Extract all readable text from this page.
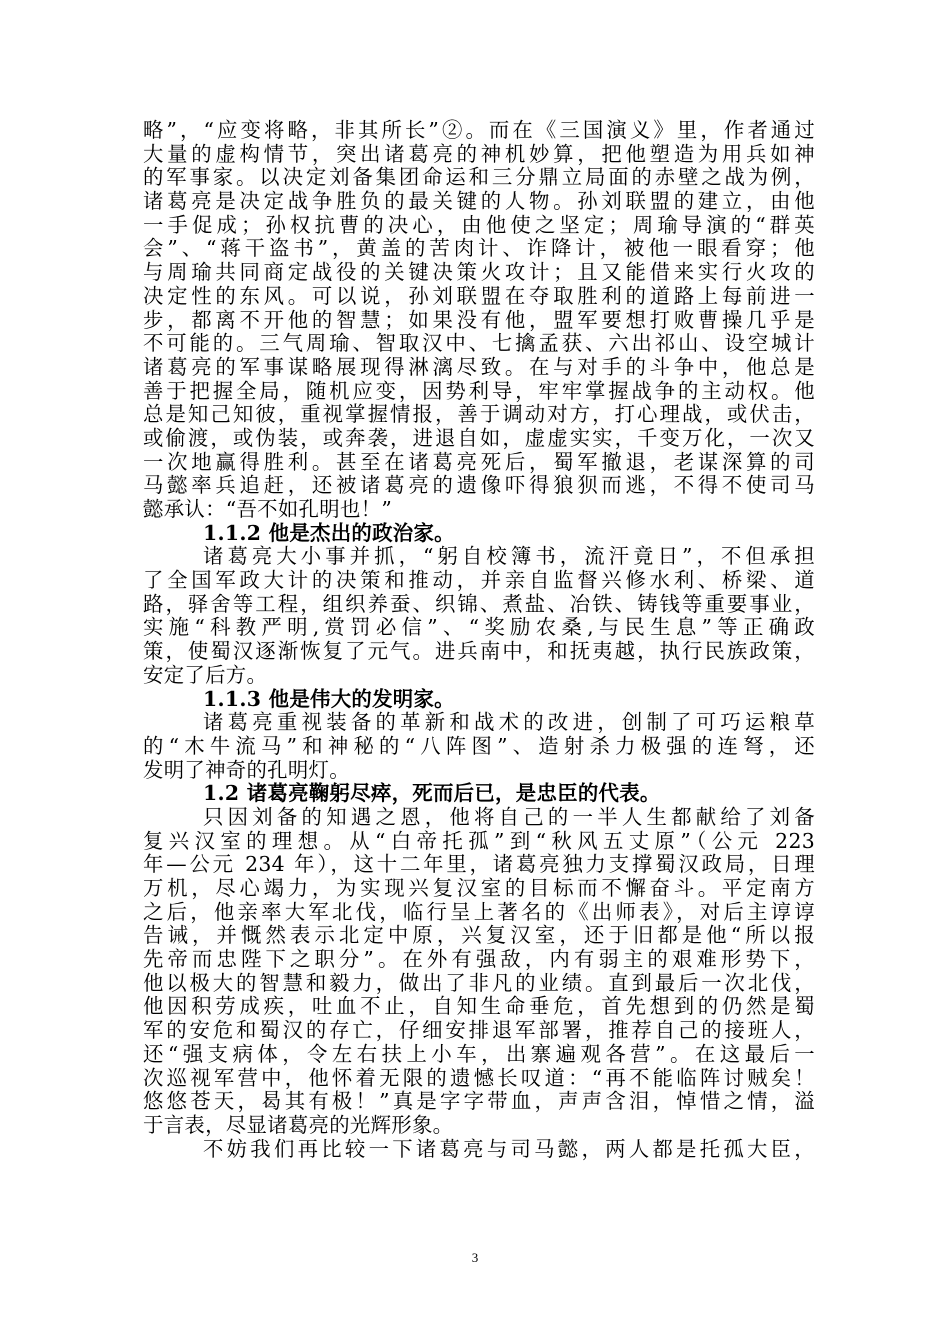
略”，“应变将略，非其所长”②。而在《三国演义》里，作者通过
大量的虚构情节，突出诸葛亮的神机妙算，把他塑造为用兵如神
的军事家。以决定刘备集团命运和三分鼎立局面的赤壁之战为例，
诸葛亮是决定战争胜负的最关键的人物。孙刘联盟的建立，由他
一手促成；孙权抗曹的决心，由他使之坚定；周瑜导演的“群英
会”、“蒋干盗书”，黄盖的苦肉计、诈降计，被他一眼看穿；他
与周瑜共同商定战役的关键决策火攻计；且又能借来实行火攻的
决定性的东风。可以说，孙刘联盟在夺取胜利的道路上每前进一
步，都离不开他的智慧；如果没有他，盟军要想打败曹操几乎是
不可能的。三气周瑜、智取汉中、七擒孟获、六出祁山、设空城计
诸葛亮的军事谋略展现得淋漓尽致。在与对手的斗争中，他总是
善于把握全局，随机应变，因势利导，牢牢掌握战争的主动权。他
总是知己知彼，重视掌握情报，善于调动对方，打心理战，或伏击，
或偷渡，或伪装，或奔袭，进退自如，虚虚实实，千变万化，一次又
一次地赢得胜利。甚至在诸葛亮死后，蜀军撤退，老谋深算的司
马懿率兵追赶，还被诸葛亮的遗像吓得狼狈而逃，不得不使司马
懿承认：“吾不如孔明也！”
1.1.2 他是杰出的政治家。
诸葛亮大小事并抓，“躬自校簿书，流汗竟日”，不但承担
了全国军政大计的决策和推动，并亲自监督兴修水利、桥梁、道
路，驿舍等工程，组织养蚕、织锦、煮盐、冶铁、铸钱等重要事业，
实施“科教严明,赏罚必信”、“奖励农桑,与民生息”等正确政
策，使蜀汉逐渐恢复了元气。进兵南中，和抚夷越，执行民族政策，
安定了后方。
1.1.3 他是伟大的发明家。
诸葛亮重视装备的革新和战术的改进，创制了可巧运粮草
的“木牛流马”和神秘的“八阵图”、造射杀力极强的连弩，还
发明了神奇的孔明灯。
1.2 诸葛亮鞠躬尽瘁，死而后已，是忠臣的代表。
只因刘备的知遇之恩，他将自己的一半人生都献给了刘备
复兴汉室的理想。从“白帝托孤”到“秋风五丈原”（公元 223
年—公元 234 年），这十二年里，诸葛亮独力支撑蜀汉政局，日理
万机，尽心竭力，为实现兴复汉室的目标而不懈奋斗。平定南方
之后，他亲率大军北伐，临行呈上著名的《出师表》，对后主谆谆
告诫，并慨然表示北定中原，兴复汉室，还于旧都是他“所以报
先帝而忠陛下之职分”。在外有强敌，内有弱主的艰难形势下，
他以极大的智慧和毅力，做出了非凡的业绩。直到最后一次北伐，
他因积劳成疾，吐血不止，自知生命垂危，首先想到的仍然是蜀
军的安危和蜀汉的存亡，仔细安排退军部署，推荐自己的接班人，
还“强支病体，令左右扶上小车，出寨遍观各营”。在这最后一
次巡视军营中，他怀着无限的遗憾长叹道：“再不能临阵讨贼矣！
悠悠苍天，曷其有极！”真是字字带血，声声含泪，悼惜之情，溢
于言表，尽显诸葛亮的光辉形象。
不妨我们再比较一下诸葛亮与司马懿，两人都是托孤大臣，
3
